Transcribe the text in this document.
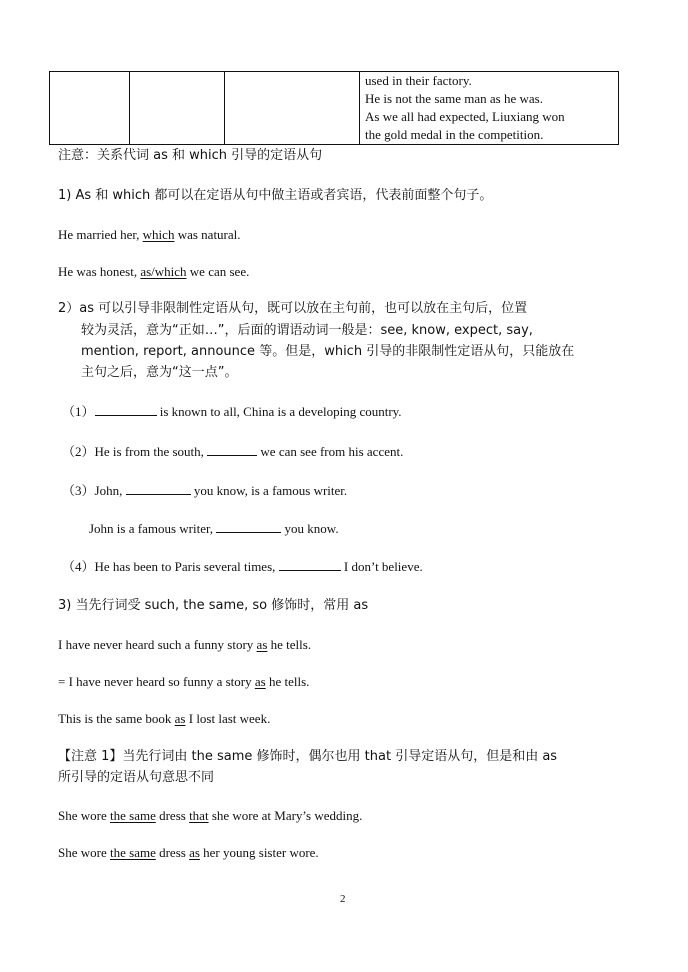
used in their factory.
He is not the same man as he was.
As we all had expected, Liuxiang won
the gold medal in the competition.
注意：关系代词 as 和 which 引导的定语从句
1) As 和 which 都可以在定语从句中做主语或者宾语，代表前面整个句子。
He married her, which was natural.
He was honest, as/which we can see.
2）as 可以引导非限制性定语从句，既可以放在主句前，也可以放在主句后，位置
较为灵活，意为“正如…”，后面的谓语动词一般是：see, know, expect, say,
mention, report, announce 等。但是，which 引导的非限制性定语从句，只能放在
主句之后，意为“这一点”。
（1）	is known to all, China is a developing country.
（2）He is from the south,	we can see from his accent.
（3）John,	you know, is a famous writer.
John is a famous writer,	you know.
（4）He has been to Paris several times,	I don’t believe.
3) 当先行词受 such, the same, so 修饰时，常用 as
I have never heard such a funny story as he tells.
= I have never heard so funny a story as he tells.
This is the same book as I lost last week.
【注意 1】当先行词由 the same 修饰时，偶尔也用 that 引导定语从句，但是和由 as
所引导的定语从句意思不同
She wore the same dress that she wore at Mary’s wedding.
She wore the same dress as her young sister wore.
2
